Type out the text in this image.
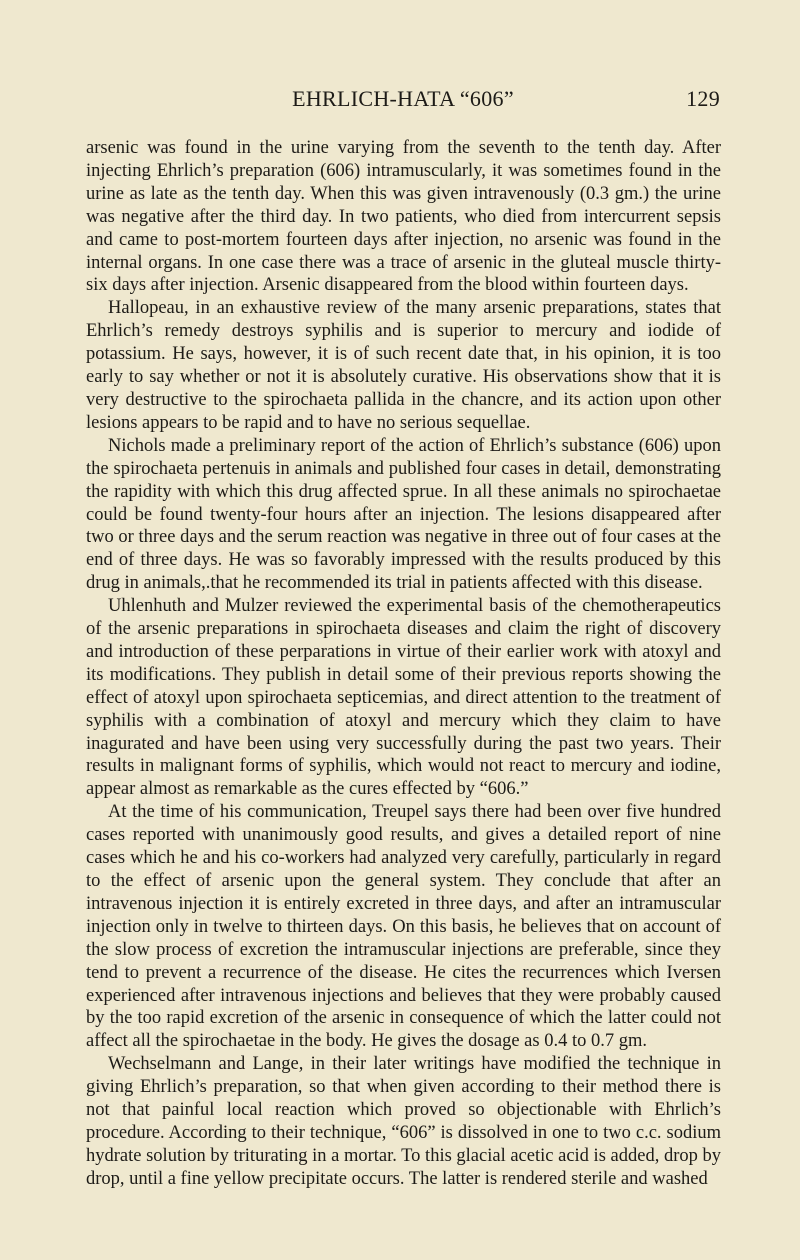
EHRLICH-HATA “606”	129

arsenic was found in the urine varying from the seventh to the tenth day. After injecting Ehrlich’s preparation (606) intramuscularly, it was sometimes found in the urine as late as the tenth day. When this was given intravenously (0.3 gm.) the urine was negative after the third day. In two patients, who died from intercurrent sepsis and came to post-mortem fourteen days after injection, no arsenic was found in the internal organs. In one case there was a trace of arsenic in the gluteal muscle thirty-six days after injection. Arsenic disappeared from the blood within fourteen days.

Hallopeau, in an exhaustive review of the many arsenic preparations, states that Ehrlich’s remedy destroys syphilis and is superior to mercury and iodide of potassium. He says, however, it is of such recent date that, in his opinion, it is too early to say whether or not it is absolutely curative. His observations show that it is very destructive to the spirochaeta pallida in the chancre, and its action upon other lesions appears to be rapid and to have no serious sequellae.

Nichols made a preliminary report of the action of Ehrlich’s substance (606) upon the spirochaeta pertenuis in animals and published four cases in detail, demonstrating the rapidity with which this drug affected sprue. In all these animals no spirochaetae could be found twenty-four hours after an injection. The lesions disappeared after two or three days and the serum reaction was negative in three out of four cases at the end of three days. He was so favorably impressed with the results produced by this drug in animals,.that he recommended its trial in patients affected with this disease.

Uhlenhuth and Mulzer reviewed the experimental basis of the chemotherapeutics of the arsenic preparations in spirochaeta diseases and claim the right of discovery and introduction of these perparations in virtue of their earlier work with atoxyl and its modifications. They publish in detail some of their previous reports showing the effect of atoxyl upon spirochaeta septicemias, and direct attention to the treatment of syphilis with a combination of atoxyl and mercury which they claim to have inagurated and have been using very successfully during the past two years. Their results in malignant forms of syphilis, which would not react to mercury and iodine, appear almost as remarkable as the cures effected by “606.”

At the time of his communication, Treupel says there had been over five hundred cases reported with unanimously good results, and gives a detailed report of nine cases which he and his co-workers had analyzed very carefully, particularly in regard to the effect of arsenic upon the general system. They conclude that after an intravenous injection it is entirely excreted in three days, and after an intramuscular injection only in twelve to thirteen days. On this basis, he believes that on account of the slow process of excretion the intramuscular injections are preferable, since they tend to prevent a recurrence of the disease. He cites the recurrences which Iversen experienced after intravenous injections and believes that they were probably caused by the too rapid excretion of the arsenic in consequence of which the latter could not affect all the spirochaetae in the body. He gives the dosage as 0.4 to 0.7 gm.

Wechselmann and Lange, in their later writings have modified the technique in giving Ehrlich’s preparation, so that when given according to their method there is not that painful local reaction which proved so objectionable with Ehrlich’s procedure. According to their technique, “606” is dissolved in one to two c.c. sodium hydrate solution by triturating in a mortar. To this glacial acetic acid is added, drop by drop, until a fine yellow precipitate occurs. The latter is rendered sterile and washed
